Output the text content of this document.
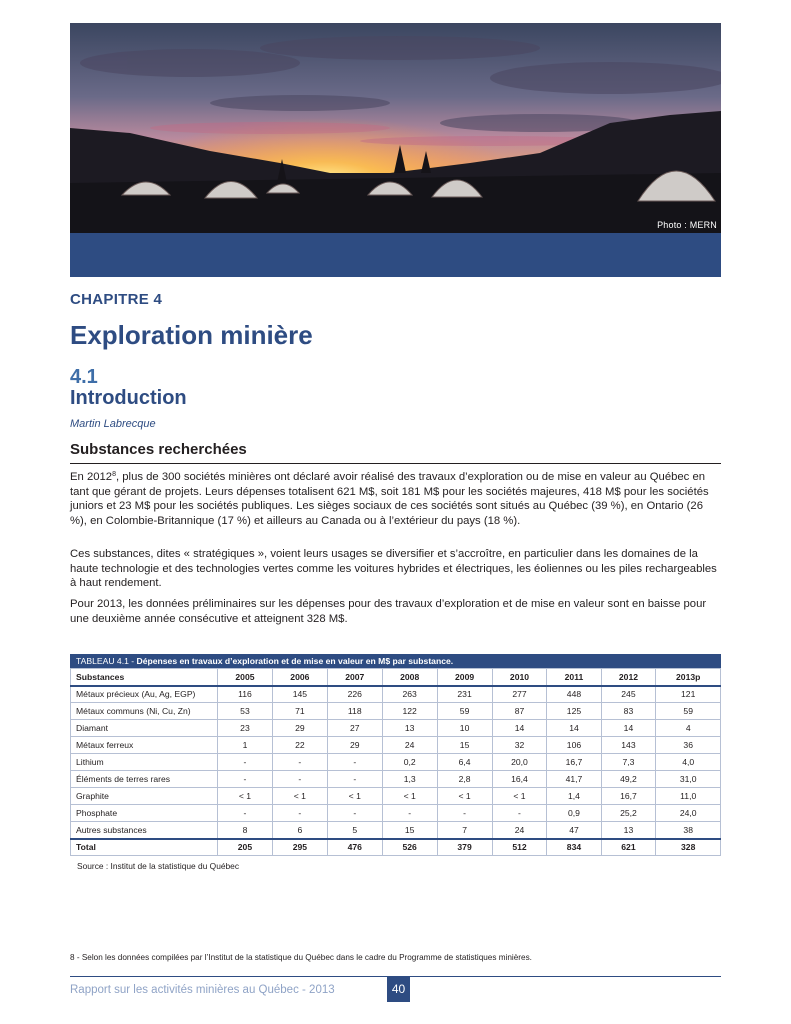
Photo : MERN
CHAPITRE 4
Exploration minière
4.1
Introduction
Martin Labrecque
Substances recherchées

En 2012$^8$, plus de 300 sociétés minières ont déclaré avoir réalisé des travaux d’exploration ou de mise en valeur au Québec en tant que gérant de projets. Leurs dépenses totalisent 621 M$, soit 181 M$ pour les sociétés majeures, 418 M$ pour les sociétés juniors et 23 M$ pour les sociétés publiques. Les sièges sociaux de ces sociétés sont situés au Québec (39 %), en Ontario (26 %), en Colombie-Britannique (17 %) et ailleurs au Canada ou à l’extérieur du pays (18 %).

Ces substances, dites « stratégiques », voient leurs usages se diversifier et s’accroître, en particulier dans les domaines de la haute technologie et des technologies vertes comme les voitures hybrides et électriques, les éoliennes ou les piles rechargeables à haut rendement.

Pour 2013, les données préliminaires sur les dépenses pour des travaux d’exploration et de mise en valeur sont en baisse pour une deuxième année consécutive et atteignent 328 M$.

TABLEAU 4.1 - Dépenses en travaux d’exploration et de mise en valeur en M$ par substance.
Substances	2005	2006	2007	2008	2009	2010	2011	2012	2013p
Métaux précieux (Au, Ag, EGP)	116	145	226	263	231	277	448	245	121
Métaux communs (Ni, Cu, Zn)	53	71	118	122	59	87	125	83	59
Diamant	23	29	27	13	10	14	14	14	4
Métaux ferreux	1	22	29	24	15	32	106	143	36
Lithium	-	-	-	0,2	6,4	20,0	16,7	7,3	4,0
Éléments de terres rares	-	-	-	1,3	2,8	16,4	41,7	49,2	31,0
Graphite	< 1	< 1	< 1	< 1	< 1	< 1	1,4	16,7	11,0
Phosphate	-	-	-	-	-	-	0,9	25,2	24,0
Autres substances	8	6	5	15	7	24	47	13	38
Total	205	295	476	526	379	512	834	621	328
Source : Institut de la statistique du Québec
8 - Selon les données compilées par l’Institut de la statistique du Québec dans le cadre du Programme de statistiques minières.
Rapport sur les activités minières au Québec - 2013	40
